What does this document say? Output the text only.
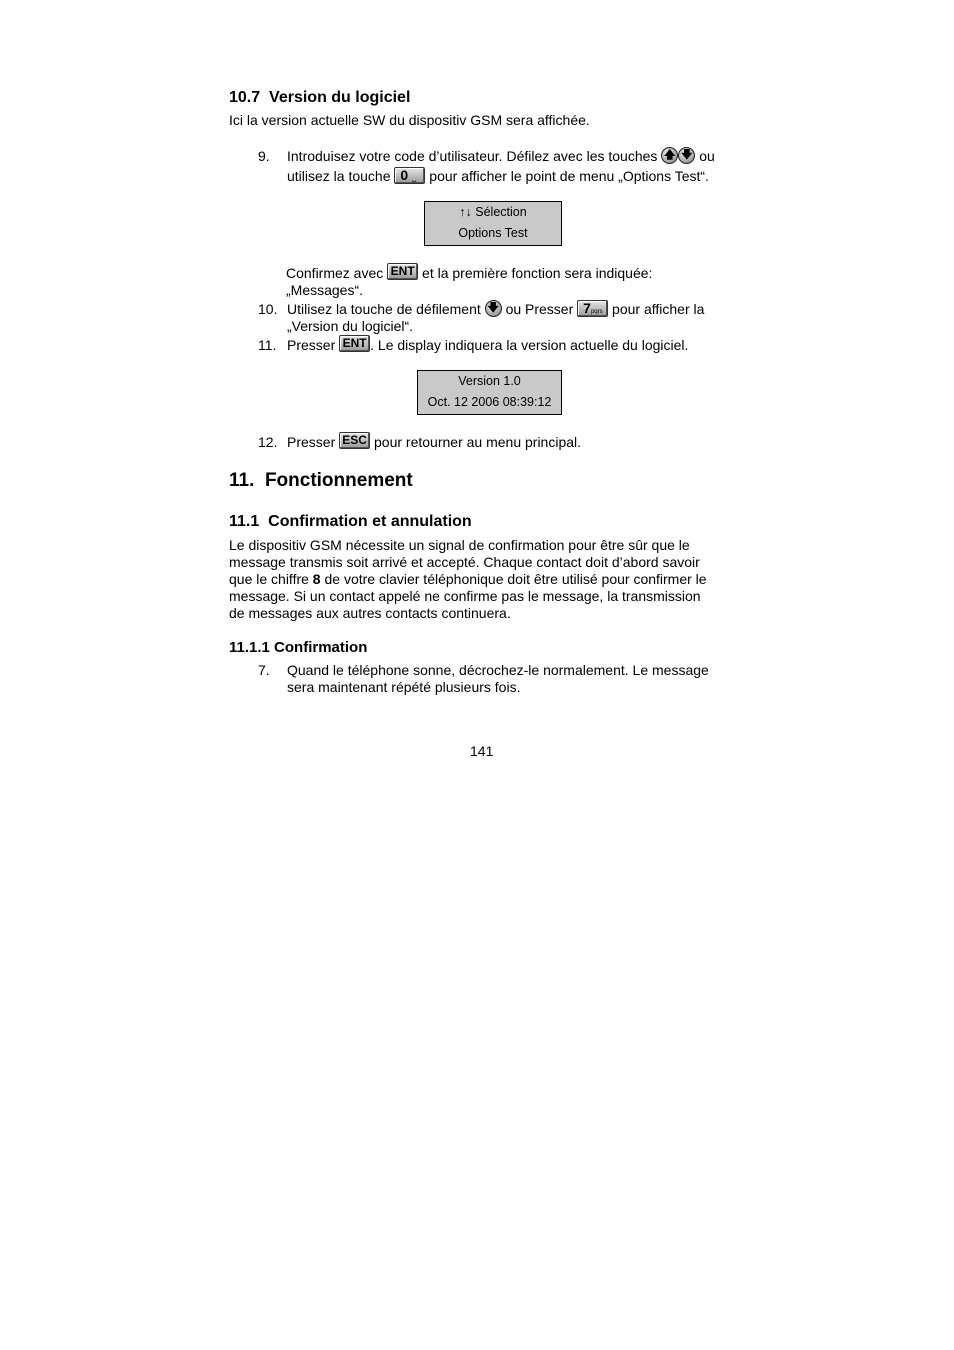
10.7 Version du logiciel
Ici la version actuelle SW du dispositiv GSM sera affichée.
9. Introduisez votre code d’utilisateur. Défilez avec les touches 🡅 🡇 ou
utilisez la touche 0 ⎵ pour afficher le point de menu „Options Test“.
↑↓ Sélection
Options Test
Confirmez avec ENT et la première fonction sera indiquée:
„Messages“.
10. Utilisez la touche de défilement 🡇 ou Presser 7pqrs pour afficher la
„Version du logiciel“.
11. Presser ENT . Le display indiquera la version actuelle du logiciel.
Version 1.0
Oct. 12 2006 08:39:12
12. Presser ESC pour retourner au menu principal.
11. Fonctionnement
11.1 Confirmation et annulation
Le dispositiv GSM nécessite un signal de confirmation pour être sûr que le
message transmis soit arrivé et accepté. Chaque contact doit d’abord savoir
que le chiffre 8 de votre clavier téléphonique doit être utilisé pour confirmer le
message. Si un contact appelé ne confirme pas le message, la transmission
de messages aux autres contacts continuera.
11.1.1 Confirmation
7. Quand le téléphone sonne, décrochez-le normalement. Le message
sera maintenant répété plusieurs fois.
141
